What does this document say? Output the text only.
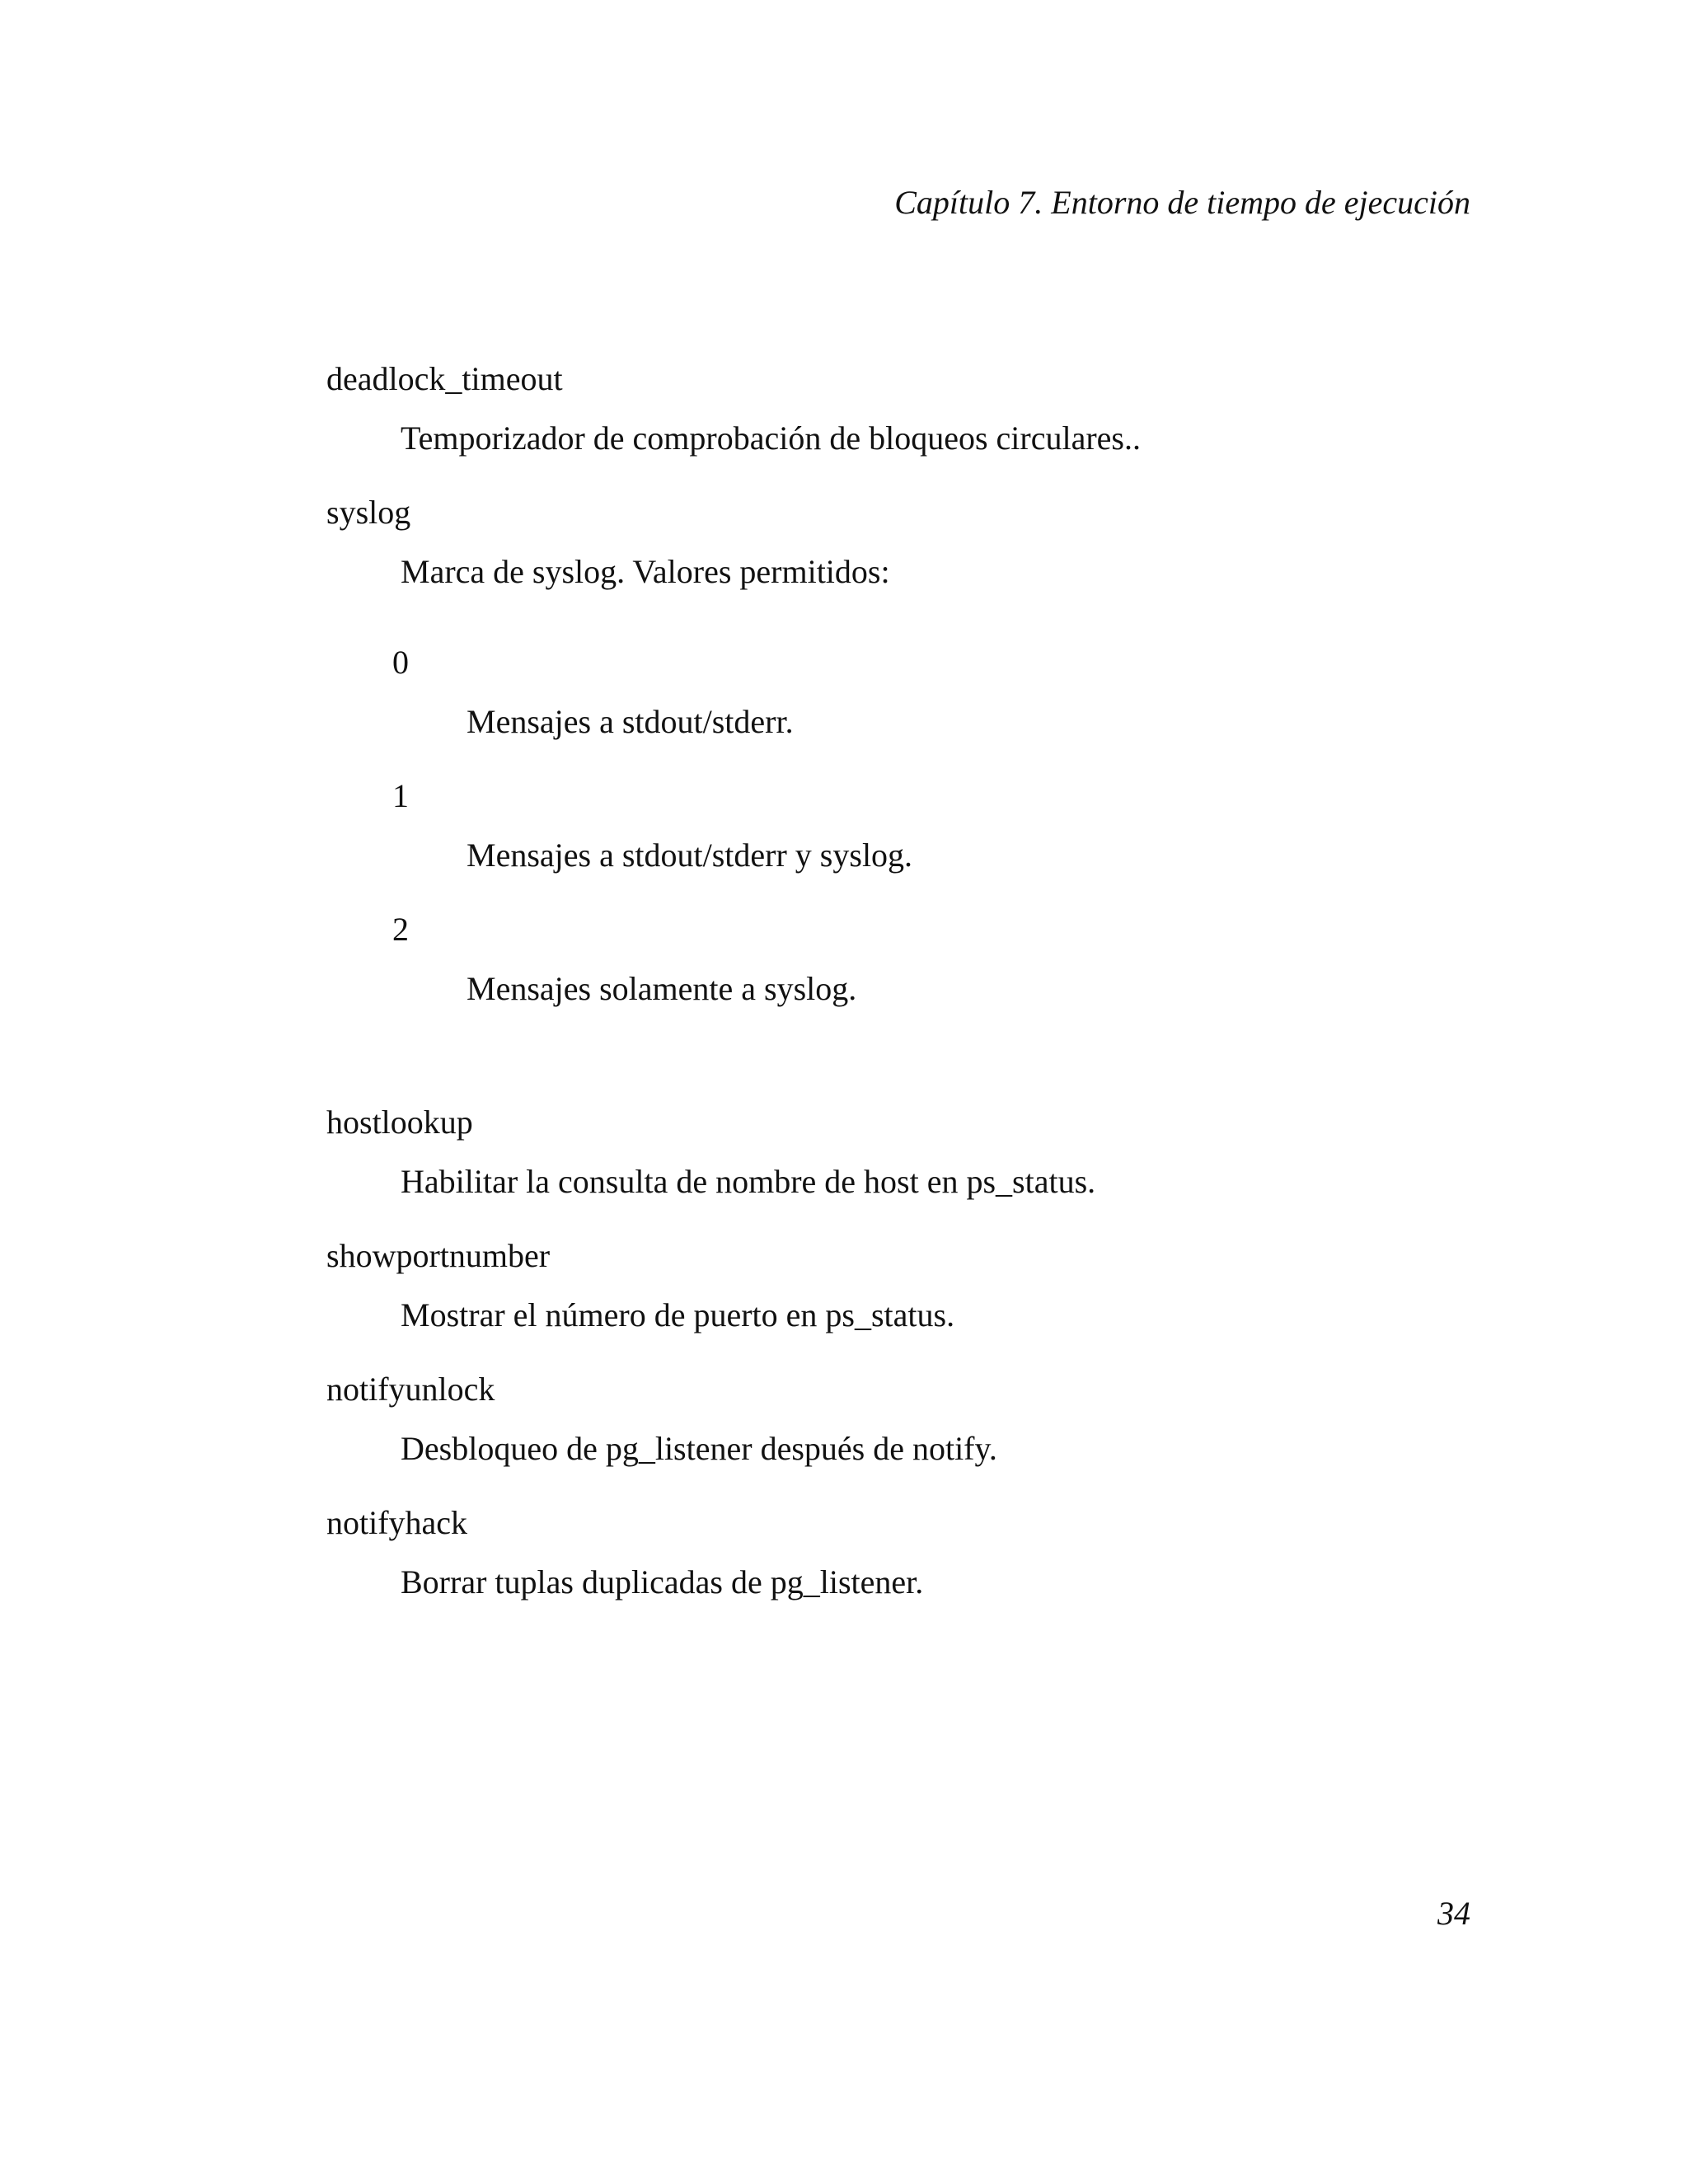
Capítulo 7. Entorno de tiempo de ejecución
deadlock_timeout
Temporizador de comprobación de bloqueos circulares..
syslog
Marca de syslog. Valores permitidos:
0
Mensajes a stdout/stderr.
1
Mensajes a stdout/stderr y syslog.
2
Mensajes solamente a syslog.
hostlookup
Habilitar la consulta de nombre de host en ps_status.
showportnumber
Mostrar el número de puerto en ps_status.
notifyunlock
Desbloqueo de pg_listener después de notify.
notifyhack
Borrar tuplas duplicadas de pg_listener.
34
